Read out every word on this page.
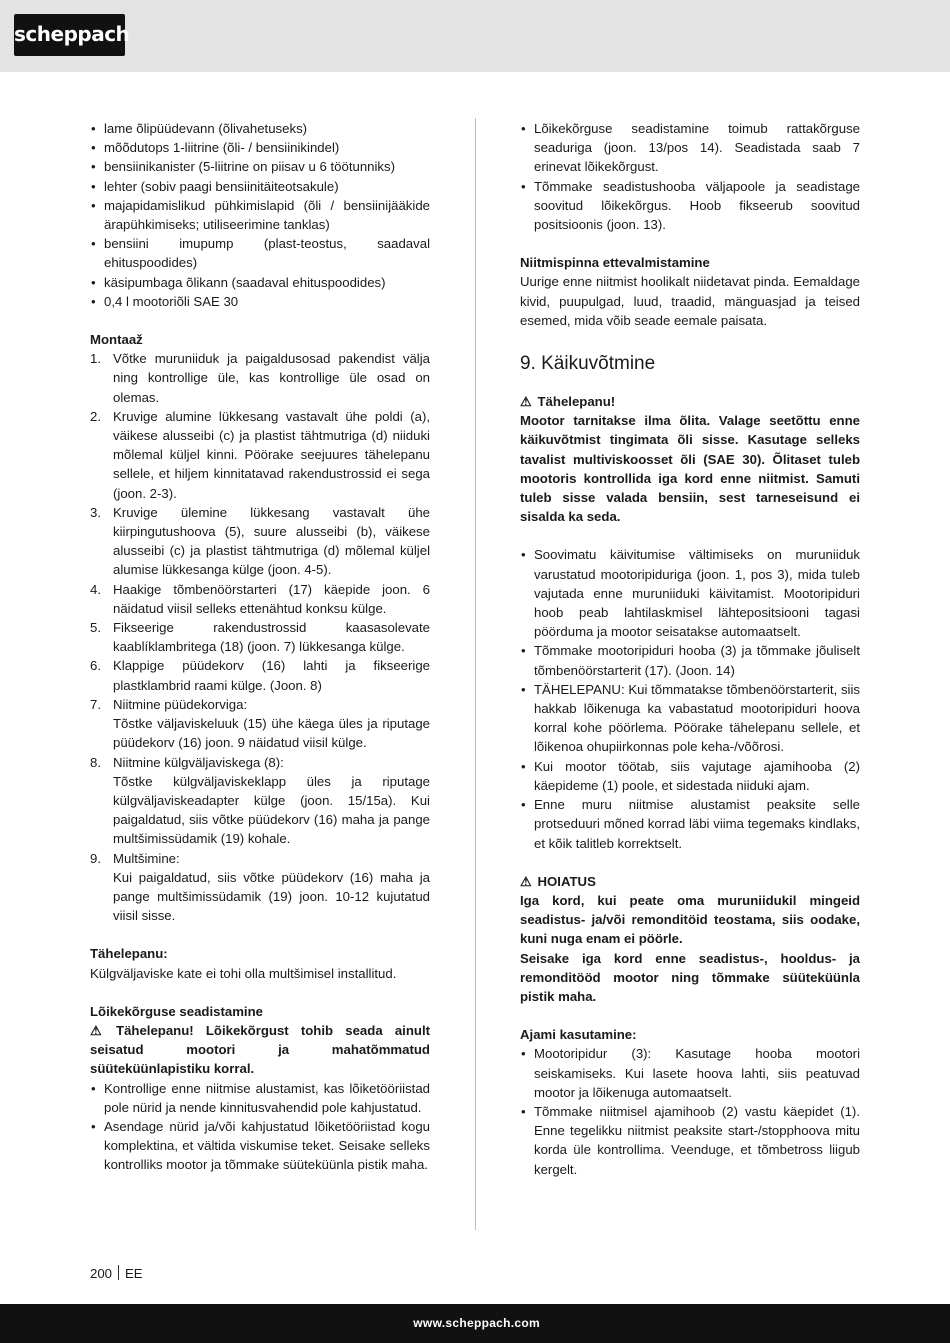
scheppach
• lame õlipüüdevann (õlivahetuseks)
• mõõdutops 1-liitrine (õli- / bensiinikindel)
• bensiinikanister (5-liitrine on piisav u 6 töötunniks)
• lehter (sobiv paagi bensiinitäiteotsakule)
• majapidamislikud pühkimislapid (õli / bensiinijääkide ärapühkimiseks; utiliseerimine tanklas)
• bensiini imupump (plast-teostus, saadaval ehituspoodides)
• käsipumbaga õlikann (saadaval ehituspoodides)
• 0,4 l mootoriõli SAE 30
Montaaž
1. Võtke muruniiduk ja paigaldusosad pakendist välja ning kontrollige üle, kas kontrollige üle osad on olemas.
2. Kruvige alumine lükkesang vastavalt ühe poldi (a), väikese alusseibi (c) ja plastist tähtmutriga (d) niiduki mõlemal küljel kinni. Pöörake seejuures tähelepanu sellele, et hiljem kinnitatavad rakendustrossid ei sega (joon. 2-3).
3. Kruvige ülemine lükkesang vastavalt ühe kiirpingutushoova (5), suure alusseibi (b), väikese alusseibi (c) ja plastist tähtmutriga (d) mõlemal küljel alumise lükkesanga külge (joon. 4-5).
4. Haakige tõmbenöörstarteri (17) käepide joon. 6 näidatud viisil selleks ettenähtud konksu külge.
5. Fikseerige rakendustrossid kaasasolevate kaablíklambritega (18) (joon. 7) lükkesanga külge.
6. Klappige püüdekorv (16) lahti ja fikseerige plastklambrid raami külge. (Joon. 8)
7. Niitmine püüdekorviga:
Tõstke väljaviskeluuk (15) ühe käega üles ja riputage püüdekorv (16) joon. 9 näidatud viisil külge.
8. Niitmine külgväljaviskega (8):
Tõstke külgväljaviskeklapp üles ja riputage külgväljaviskeadapter külge (joon. 15/15a). Kui paigaldatud, siis võtke püüdekorv (16) maha ja pange multšimissüdamik (19) kohale.
9. Multšimine:
Kui paigaldatud, siis võtke püüdekorv (16) maha ja pange multšimissüdamik (19) joon. 10-12 kujutatud viisil sisse.
Tähelepanu:

Külgväljaviske kate ei tohi olla multšimisel installitud.

Lõikekõrguse seadistamine

⚠ Tähelepanu! Lõikekõrgust tohib seada ainult seisatud mootori ja mahatõmmatud süüteküünlapistiku korral.

• Kontrollige enne niitmise alustamist, kas lõiketööriistad pole nürid ja nende kinnitusvahendid pole kahjustatud.
• Asendage nürid ja/või kahjustatud lõiketööriistad kogu komplektina, et vältida viskumise teket. Seisake selleks kontrolliks mootor ja tõmmake süüteküünla pistik maha.
• Lõikekõrguse seadistamine toimub rattakõrguse seaduriga (joon. 13/pos 14). Seadistada saab 7 erinevat lõikekõrgust.
• Tõmmake seadistushooba väljapoole ja seadistage soovitud lõikekõrgus. Hoob fikseerub soovitud positsioonis (joon. 13).
Niitmispinna ettevalmistamine

Uurige enne niitmist hoolikalt niidetavat pinda. Eemaldage kivid, puupulgad, luud, traadid, mänguasjad ja teised esemed, mida võib seade eemale paisata.

9. Käikuvõtmine
⚠ Tähelepanu!

Mootor tarnitakse ilma õlita. Valage seetõttu enne käikuvõtmist tingimata õli sisse. Kasutage selleks tavalist multiviskoosset õli (SAE 30). Õlitaset tuleb mootoris kontrollida iga kord enne niitmist. Samuti tuleb sisse valada bensiin, sest tarneseisund ei sisalda ka seda.

• Soovimatu käivitumise vältimiseks on muruniiduk varustatud mootoripiduriga (joon. 1, pos 3), mida tuleb vajutada enne muruniiduki käivitamist. Mootoripiduri hoob peab lahtilaskmisel lähtepositsiooni tagasi pöörduma ja mootor seisatakse automaatselt.
• Tõmmake mootoripiduri hooba (3) ja tõmmake jõuliselt tõmbenöörstarterit (17). (Joon. 14)
• TÄHELEPANU: Kui tõmmatakse tõmbenöörstarterit, siis hakkab lõikenuga ka vabastatud mootoripiduri hoova korral kohe pöörlema. Pöörake tähelepanu sellele, et lõikenoa ohupiirkonnas pole keha-/võõrosi.
• Kui mootor töötab, siis vajutage ajamihooba (2) käepideme (1) poole, et sidestada niiduki ajam.
• Enne muru niitmise alustamist peaksite selle protseduuri mõned korrad läbi viima tegemaks kindlaks, et kõik talitleb korrektselt.
⚠ HOIATUS

Iga kord, kui peate oma muruniidukil mingeid seadistus- ja/või remonditöid teostama, siis oodake, kuni nuga enam ei pöörle.

Seisake iga kord enne seadistus-, hooldus- ja remonditööd mootor ning tõmmake süüteküünla pistik maha.

Ajami kasutamine:
• Mootoripidur (3): Kasutage hooba mootori seiskamiseks. Kui lasete hoova lahti, siis peatuvad mootor ja lõikenuga automaatselt.
• Tõmmake niitmisel ajamihoob (2) vastu käepidet (1). Enne tegelikku niitmist peaksite start-/stopphoova mitu korda üle kontrollima. Veenduge, et tõmbetross liigub kergelt.
200 EE
www.scheppach.com
